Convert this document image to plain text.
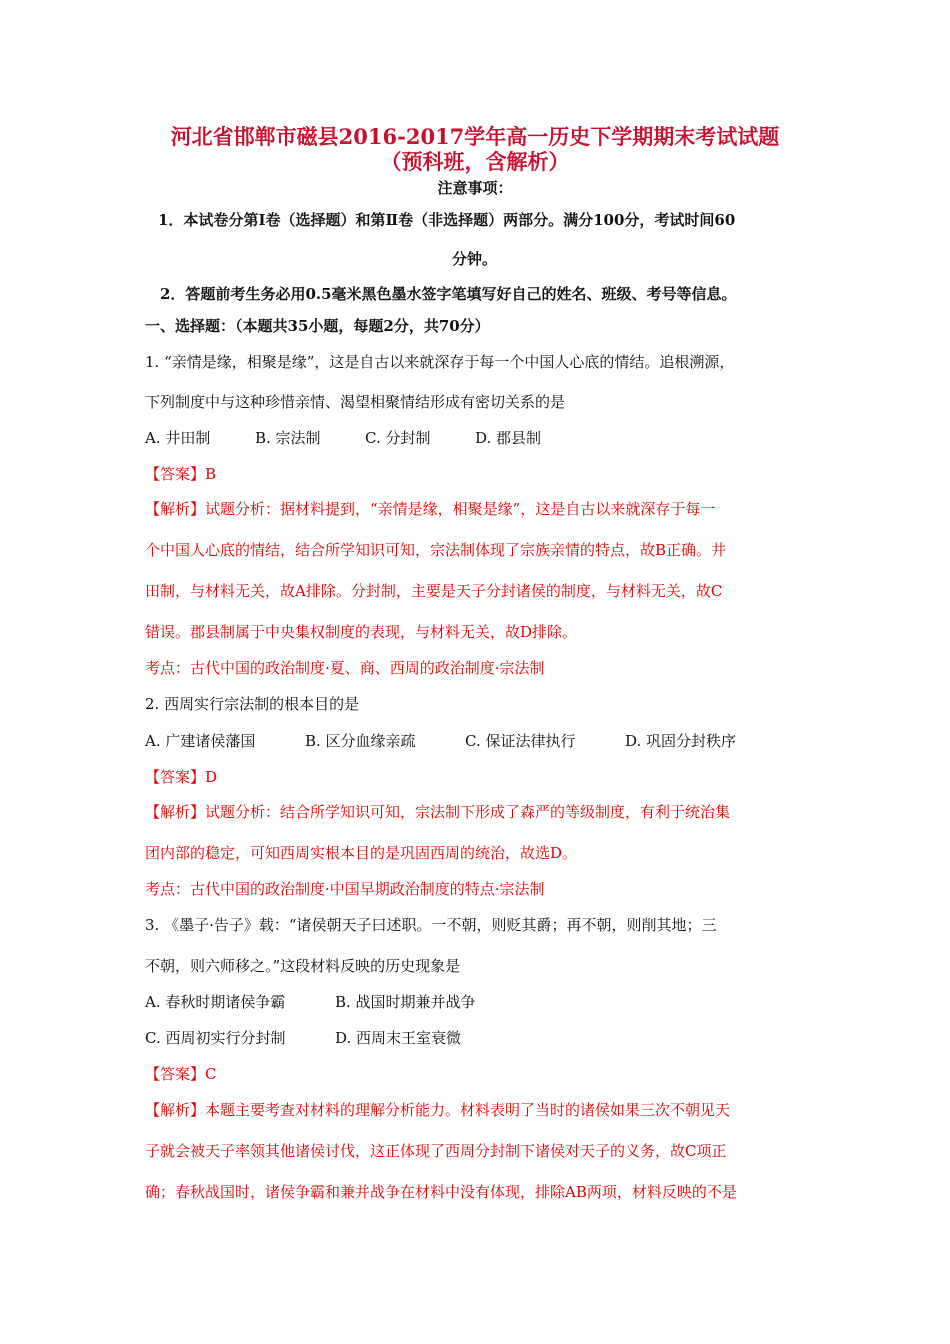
河北省邯郸市磁县2016-2017学年高一历史下学期期末考试试题
（预科班，含解析）
注意事项：
1．本试卷分第Ⅰ卷（选择题）和第Ⅱ卷（非选择题）两部分。满分100分，考试时间60
分钟。
2．答题前考生务必用0.5毫米黑色墨水签字笔填写好自己的姓名、班级、考号等信息。
一、选择题：（本题共35小题，每题2分，共70分）
1. “亲情是缘，相聚是缘”，这是自古以来就深存于每一个中国人心底的情结。追根溯源，
下列制度中与这种珍惜亲情、渴望相聚情结形成有密切关系的是
A. 井田制	B. 宗法制	C. 分封制	D. 郡县制
【答案】B
【解析】试题分析：据材料提到，“亲情是缘，相聚是缘”，这是自古以来就深存于每一
个中国人心底的情结，结合所学知识可知，宗法制体现了宗族亲情的特点，故B正确。井
田制，与材料无关，故A排除。分封制，主要是天子分封诸侯的制度，与材料无关，故C
错误。郡县制属于中央集权制度的表现，与材料无关，故D排除。
考点：古代中国的政治制度·夏、商、西周的政治制度·宗法制
2. 西周实行宗法制的根本目的是
A. 广建诸侯藩国	B. 区分血缘亲疏	C. 保证法律执行	D. 巩固分封秩序
【答案】D
【解析】试题分析：结合所学知识可知，宗法制下形成了森严的等级制度，有利于统治集
团内部的稳定，可知西周实根本目的是巩固西周的统治，故选D。
考点：古代中国的政治制度·中国早期政治制度的特点·宗法制
3. 《墨子·告子》载：“诸侯朝天子曰述职。一不朝，则贬其爵；再不朝，则削其地；三
不朝，则六师移之。”这段材料反映的历史现象是
A. 春秋时期诸侯争霸	B. 战国时期兼并战争
C. 西周初实行分封制	D. 西周末王室衰微
【答案】C
【解析】本题主要考查对材料的理解分析能力。材料表明了当时的诸侯如果三次不朝见天
子就会被天子率领其他诸侯讨伐，这正体现了西周分封制下诸侯对天子的义务，故C项正
确；春秋战国时，诸侯争霸和兼并战争在材料中没有体现，排除AB两项，材料反映的不是
